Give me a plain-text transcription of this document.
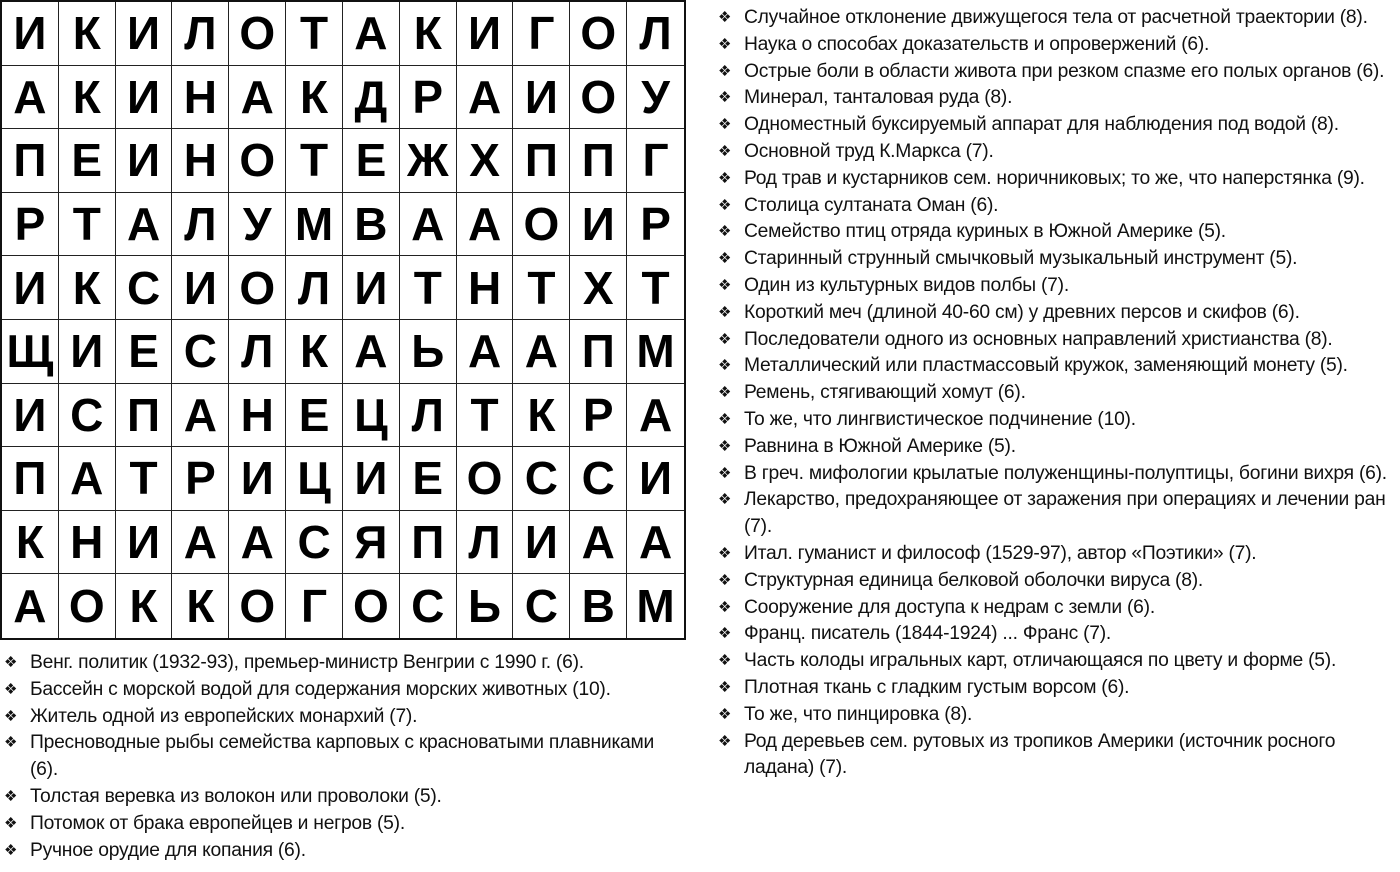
И К И Л О Т А К И Г О Л
А К И Н А К Д Р А И О У
П Е И Н О Т Е Ж Х П П Г
Р Т А Л У М В А А О И Р
И К С И О Л И Т Н Т Х Т
Щ И Е С Л К А Ь А А П М
И С П А Н Е Ц Л Т К Р А
П А Т Р И Ц И Е О С С И
К Н И А А С Я П Л И А А
А О К К О Г О С Ь С В М
❖ Венг. политик (1932-93), премьер-министр Венгрии с 1990 г. (6).
❖ Бассейн с морской водой для содержания морских животных (10).
❖ Житель одной из европейских монархий (7).
❖ Пресноводные рыбы семейства карповых с красноватыми плавниками (6).
❖ Толстая веревка из волокон или проволоки (5).
❖ Потомок от брака европейцев и негров (5).
❖ Ручное орудие для копания (6).
❖ Случайное отклонение движущегося тела от расчетной траектории (8).
❖ Наука о способах доказательств и опровержений (6).
❖ Острые боли в области живота при резком спазме его полых органов (6).
❖ Минерал, танталовая руда (8).
❖ Одноместный буксируемый аппарат для наблюдения под водой (8).
❖ Основной труд К.Маркса (7).
❖ Род трав и кустарников сем. норичниковых; то же, что наперстянка (9).
❖ Столица султаната Оман (6).
❖ Семейство птиц отряда куриных в Южной Америке (5).
❖ Старинный струнный смычковый музыкальный инструмент (5).
❖ Один из культурных видов полбы (7).
❖ Короткий меч (длиной 40-60 см) у древних персов и скифов (6).
❖ Последователи одного из основных направлений христианства (8).
❖ Металлический или пластмассовый кружок, заменяющий монету (5).
❖ Ремень, стягивающий хомут (6).
❖ То же, что лингвистическое подчинение (10).
❖ Равнина в Южной Америке (5).
❖ В греч. мифологии крылатые полуженщины-полуптицы, богини вихря (6).
❖ Лекарство, предохраняющее от заражения при операциях и лечении ран (7).
❖ Итал. гуманист и философ (1529-97), автор «Поэтики» (7).
❖ Структурная единица белковой оболочки вируса (8).
❖ Сооружение для доступа к недрам с земли (6).
❖ Франц. писатель (1844-1924) ... Франс (7).
❖ Часть колоды игральных карт, отличающаяся по цвету и форме (5).
❖ Плотная ткань с гладким густым ворсом (6).
❖ То же, что пинцировка (8).
❖ Род деревьев сем. рутовых из тропиков Америки (источник росного ладана) (7).
